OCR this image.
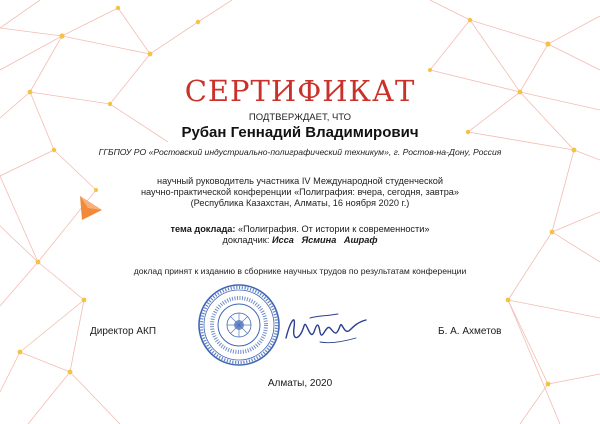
СЕРТИФИКАТ
ПОДТВЕРЖДАЕТ, ЧТО
Рубан Геннадий Владимирович
ГГБПОУ РО «Ростовский индустриально-полиграфический техникум», г. Ростов-на-Дону, Россия
научный руководитель участника IV Международной студенческой
научно-практической конференции «Полиграфия: вчера, сегодня, завтра»
(Республика Казахстан, Алматы, 16 ноября 2020 г.)
тема доклада: «Полиграфия. От истории к современности»
докладчик: Исса Ясмина Ашраф
доклад принят к изданию в сборнике научных трудов по результатам конференции
Директор АКП	Б. А. Ахметов
Алматы, 2020
